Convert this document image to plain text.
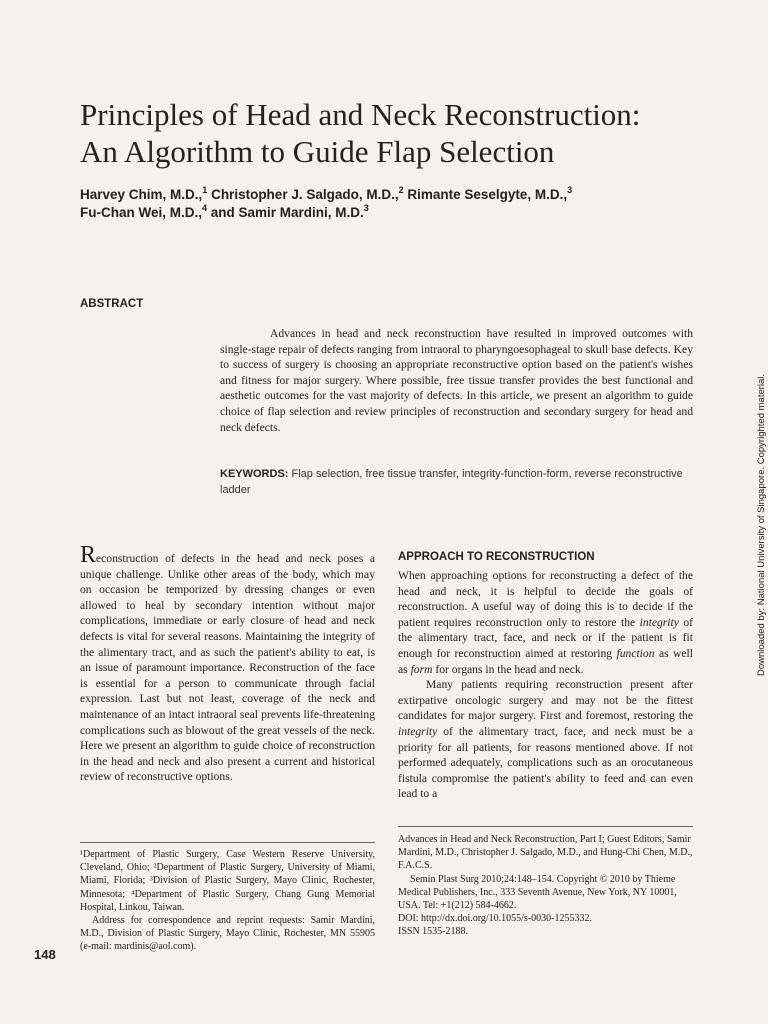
Principles of Head and Neck Reconstruction:
An Algorithm to Guide Flap Selection
Harvey Chim, M.D.,$^1$ Christopher J. Salgado, M.D.,$^2$ Rimante Seselgyte, M.D.,$^3$
Fu-Chan Wei, M.D.,$^4$ and Samir Mardini, M.D.$^3$
ABSTRACT

Advances in head and neck reconstruction have resulted in improved outcomes with single-stage repair of defects ranging from intraoral to pharyngoesophageal to skull base defects. Key to success of surgery is choosing an appropriate reconstructive option based on the patient's wishes and fitness for major surgery. Where possible, free tissue transfer provides the best functional and aesthetic outcomes for the vast majority of defects. In this article, we present an algorithm to guide choice of flap selection and review principles of reconstruction and secondary surgery for head and neck defects.

KEYWORDS: Flap selection, free tissue transfer, integrity-function-form, reverse reconstructive ladder	Downloaded by: National University of Singapore. Copyrighted material.

Reconstruction of defects in the head and neck poses a unique challenge. Unlike other areas of the body, which may on occasion be temporized by dressing changes or even allowed to heal by secondary intention without major complications, immediate or early closure of head and neck defects is vital for several reasons. Maintaining the integrity of the alimentary tract, and as such the patient's ability to eat, is an issue of paramount importance. Reconstruction of the face is essential for a person to communicate through facial expression. Last but not least, coverage of the neck and maintenance of an intact intraoral seal prevents life-threatening complications such as blowout of the great vessels of the neck. Here we present an algorithm to guide choice of reconstruction in the head and neck and also present a current and historical review of reconstructive options.

APPROACH TO RECONSTRUCTION

When approaching options for reconstructing a defect of the head and neck, it is helpful to decide the goals of reconstruction. A useful way of doing this is to decide if the patient requires reconstruction only to restore the integrity of the alimentary tract, face, and neck or if the patient is fit enough for reconstruction aimed at restoring function as well as form for organs in the head and neck.

Many patients requiring reconstruction present after extirpative oncologic surgery and may not be the fittest candidates for major surgery. First and foremost, restoring the integrity of the alimentary tract, face, and neck must be a priority for all patients, for reasons mentioned above. If not performed adequately, complications such as an orocutaneous fistula compromise the patient's ability to feed and can even lead to a

¹Department of Plastic Surgery, Case Western Reserve University, Cleveland, Ohio; ²Department of Plastic Surgery, University of Miami, Miami, Florida; ³Division of Plastic Surgery, Mayo Clinic, Rochester, Minnesota; ⁴Department of Plastic Surgery, Chang Gung Memorial Hospital, Linkou, Taiwan.

Address for correspondence and reprint requests: Samir Mardini, M.D., Division of Plastic Surgery, Mayo Clinic, Rochester, MN 55905 (e-mail: mardinis@aol.com).

Advances in Head and Neck Reconstruction, Part I; Guest Editors, Samir Mardini, M.D., Christopher J. Salgado, M.D., and Hung-Chi Chen, M.D., F.A.C.S.

Semin Plast Surg 2010;24:148–154. Copyright © 2010 by Thieme Medical Publishers, Inc., 333 Seventh Avenue, New York, NY 10001, USA. Tel: +1(212) 584-4662.

DOI: http://dx.doi.org/10.1055/s-0030-1255332.

ISSN 1535-2188.

148
